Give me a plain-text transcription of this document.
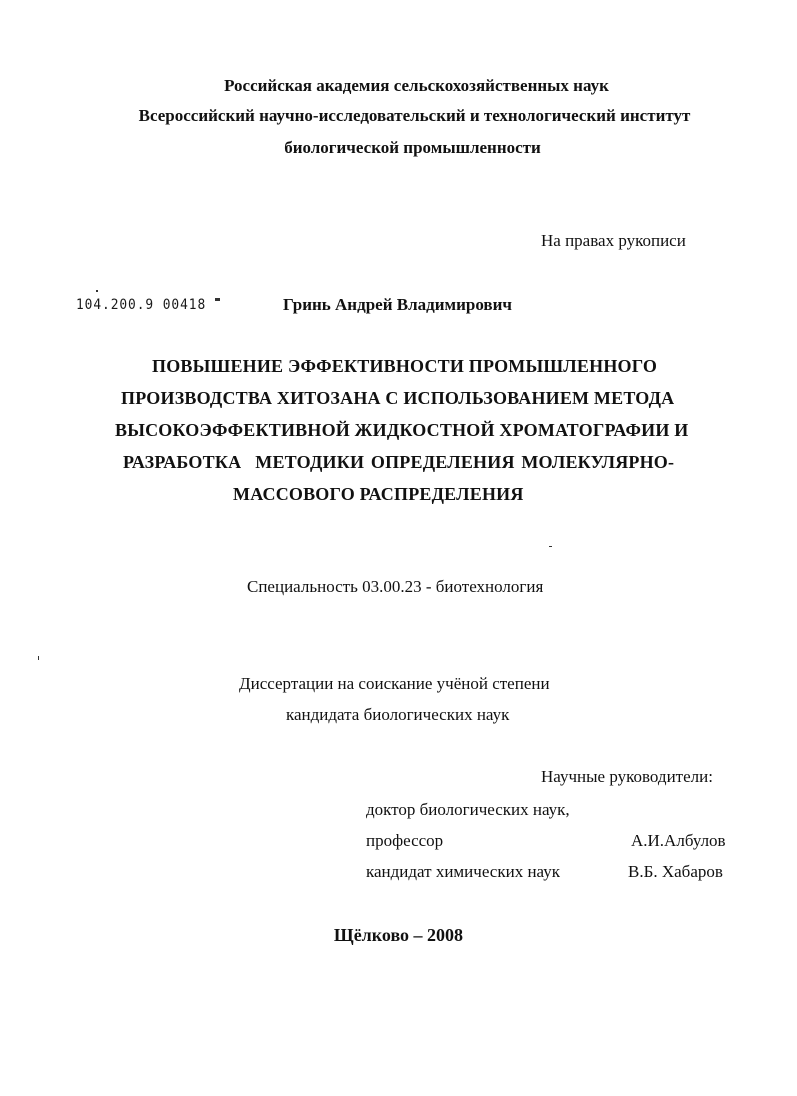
Российская академия сельскохозяйственных наук
Всероссийский научно-исследовательский и технологический институт
биологической промышленности
На правах рукописи
104.200.9 00418	Гринь Андрей Владимирович
ПОВЫШЕНИЕ ЭФФЕКТИВНОСТИ ПРОМЫШЛЕННОГО
ПРОИЗВОДСТВА ХИТОЗАНА С ИСПОЛЬЗОВАНИЕМ МЕТОДА
ВЫСОКОЭФФЕКТИВНОЙ ЖИДКОСТНОЙ ХРОМАТОГРАФИИ И
РАЗРАБОТКА МЕТОДИКИ ОПРЕДЕЛЕНИЯ МОЛЕКУЛЯРНО-
МАССОВОГО РАСПРЕДЕЛЕНИЯ
Специальность 03.00.23 - биотехнология
Диссертации на соискание учёной степени
кандидата биологических наук
Научные руководители:
доктор биологических наук,
профессор	А.И.Албулов
кандидат химических наук	В.Б. Хабаров
Щёлково – 2008
